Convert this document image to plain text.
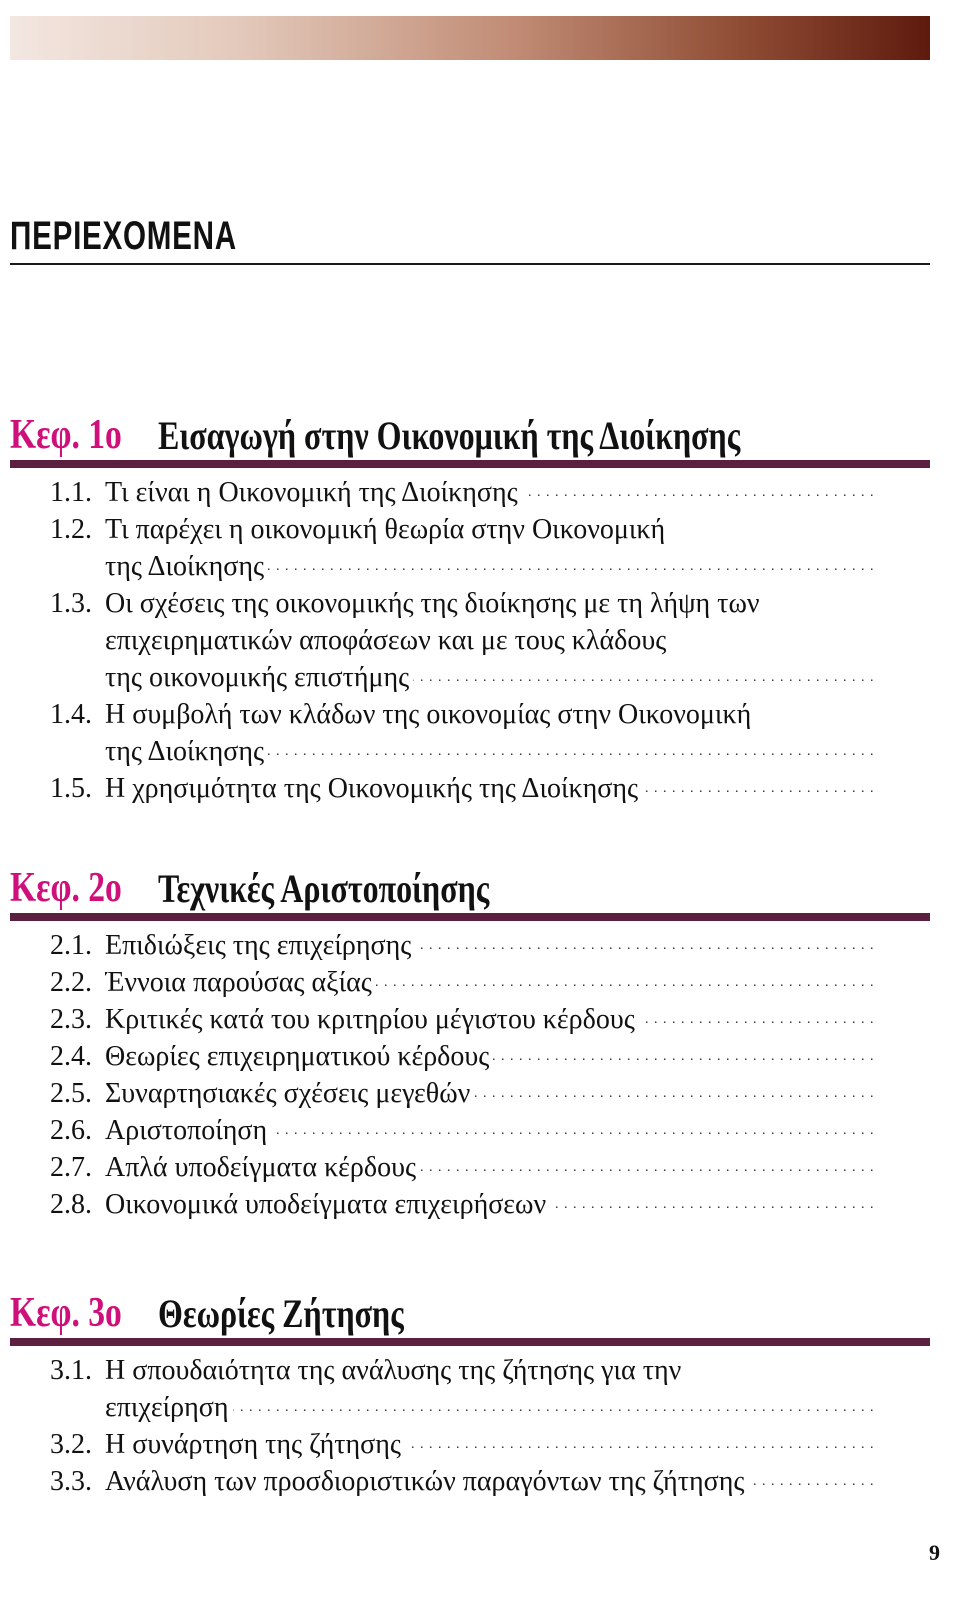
ΠΕΡΙΕΧΟΜΕΝΑ
Κεφ. 1ο Εισαγωγή στην Οικονομική της Διοίκησης
1.1. Τι είναι η Οικονομική της Διοίκησης . . .
1.2. Τι παρέχει η οικονομική θεωρία στην Οικονομική
της Διοίκησης . . .
1.3. Οι σχέσεις της οικονομικής της διοίκησης με τη λήψη των
επιχειρηματικών αποφάσεων και με τους κλάδους
της οικονομικής επιστήμης . . .
1.4. Η συμβολή των κλάδων της οικονομίας στην Οικονομική
της Διοίκησης . . .
1.5. Η χρησιμότητα της Οικονομικής της Διοίκησης . . .
Κεφ. 2ο Τεχνικές Αριστοποίησης
2.1. Επιδιώξεις της επιχείρησης . . .
2.2. Έννοια παρούσας αξίας . . .
2.3. Κριτικές κατά του κριτηρίου μέγιστου κέρδους . . .
2.4. Θεωρίες επιχειρηματικού κέρδους . . .
2.5. Συναρτησιακές σχέσεις μεγεθών . . .
2.6. Αριστοποίηση . . .
2.7. Απλά υποδείγματα κέρδους . . .
2.8. Οικονομικά υποδείγματα επιχειρήσεων . . .
Κεφ. 3ο Θεωρίες Ζήτησης
3.1. Η σπουδαιότητα της ανάλυσης της ζήτησης για την
επιχείρηση . . .
3.2. Η συνάρτηση της ζήτησης . . .
3.3. Ανάλυση των προσδιοριστικών παραγόντων της ζήτησης . . .
9
